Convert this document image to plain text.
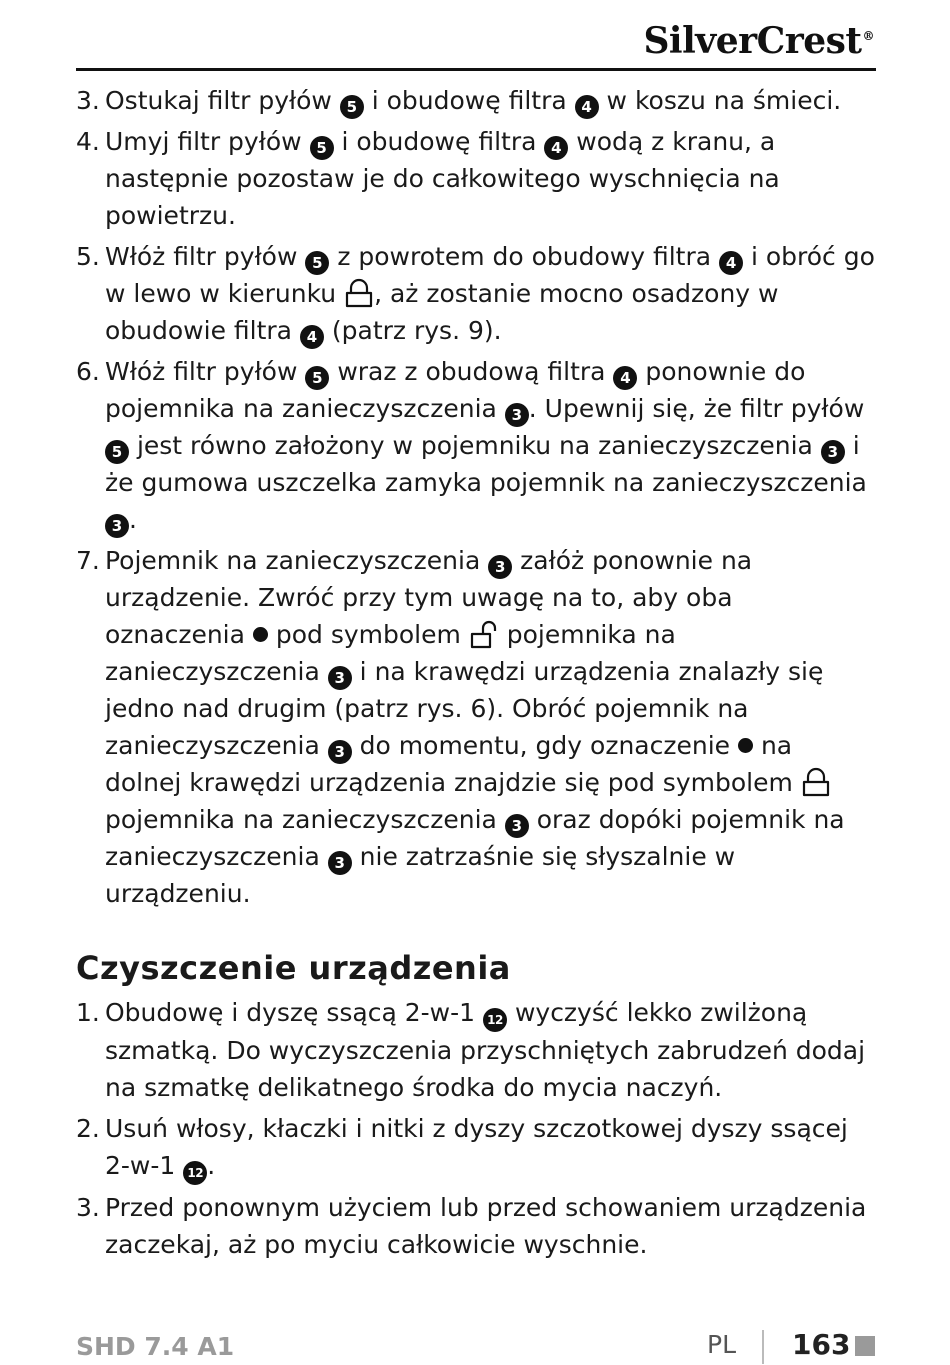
SilverCrest®
3. Ostukaj filtr pyłów 5 i obudowę filtra 4 w koszu na śmieci.
4. Umyj filtr pyłów 5 i obudowę filtra 4 wodą z kranu, a następnie pozostaw je do całkowitego wyschnięcia na powietrzu.
5. Włóż filtr pyłów 5 z powrotem do obudowy filtra 4 i obróć go w lewo w kierunku , aż zostanie mocno osadzony w obudowie filtra 4 (patrz rys. 9).
6. Włóż filtr pyłów 5 wraz z obudową filtra 4 ponownie do pojemnika na zanieczyszczenia 3 . Upewnij się, że filtr pyłów 5 jest równo założony w pojemniku na zanieczyszczenia 3 i że gumowa uszczelka zamyka pojemnik na zanieczyszczenia 3 .
7. Pojemnik na zanieczyszczenia 3 załóż ponownie na urządzenie. Zwróć przy tym uwagę na to, aby oba oznaczenia  pod symbolem  pojemnika na zanieczyszczenia 3 i na krawędzi urządzenia znalazły się jedno nad drugim (patrz rys. 6). Obróć pojemnik na zanieczyszczenia 3 do momentu, gdy oznaczenie  na dolnej krawędzi urządzenia znajdzie się pod symbolem  pojemnika na zanieczyszczenia 3 oraz dopóki pojemnik na zanieczyszczenia 3 nie zatrzaśnie się słyszalnie w urządzeniu.
Czyszczenie urządzenia
1. Obudowę i dyszę ssącą 2-w-1 12 wyczyść lekko zwilżoną szmatką. Do wyczyszczenia przyschniętych zabrudzeń dodaj na szmatkę delikatnego środka do mycia naczyń.
2. Usuń włosy, kłaczki i nitki z dyszy szczotkowej dyszy ssącej 2-w-1 12 .
3. Przed ponownym użyciem lub przed schowaniem urządzenia zaczekaj, aż po myciu całkowicie wyschnie.
SHD 7.4 A1	PL 163
